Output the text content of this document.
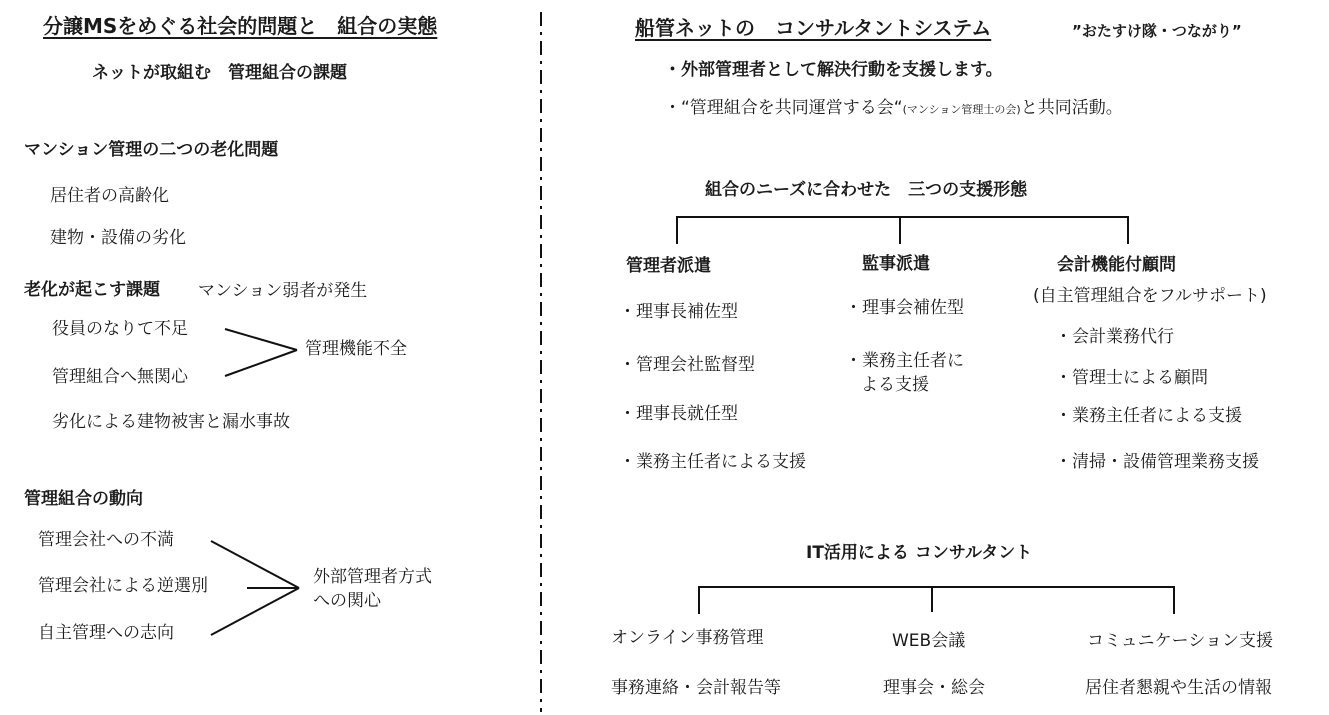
分譲MSをめぐる社会的問題と　組合の実態
ネットが取組む　管理組合の課題
マンション管理の二つの老化問題
居住者の高齢化
建物・設備の劣化
老化が起こす課題 マンション弱者が発生
役員のなりて不足
管理組合へ無関心
管理機能不全
劣化による建物被害と漏水事故
管理組合の動向
管理会社への不満
管理会社による逆選別
自主管理への志向
外部管理者方式
への関心
船管ネットの　コンサルタントシステム	”おたすけ隊・つながり”
・外部管理者として解決行動を支援します。
・“管理組合を共同運営する会“(マンション管理士の会)と共同活動。
組合のニーズに合わせた　三つの支援形態
管理者派遣
・理事長補佐型
・管理会社監督型
・理事長就任型
・業務主任者による支援
監事派遣
・理事会補佐型
・業務主任者に
よる支援
会計機能付顧問
(自主管理組合をフルサポート)
・会計業務代行
・管理士による顧問
・業務主任者による支援
・清掃・設備管理業務支援
IT活用による コンサルタント
オンライン事務管理
事務連絡・会計報告等
WEB会議
理事会・総会
コミュニケーション支援
居住者懇親や生活の情報
